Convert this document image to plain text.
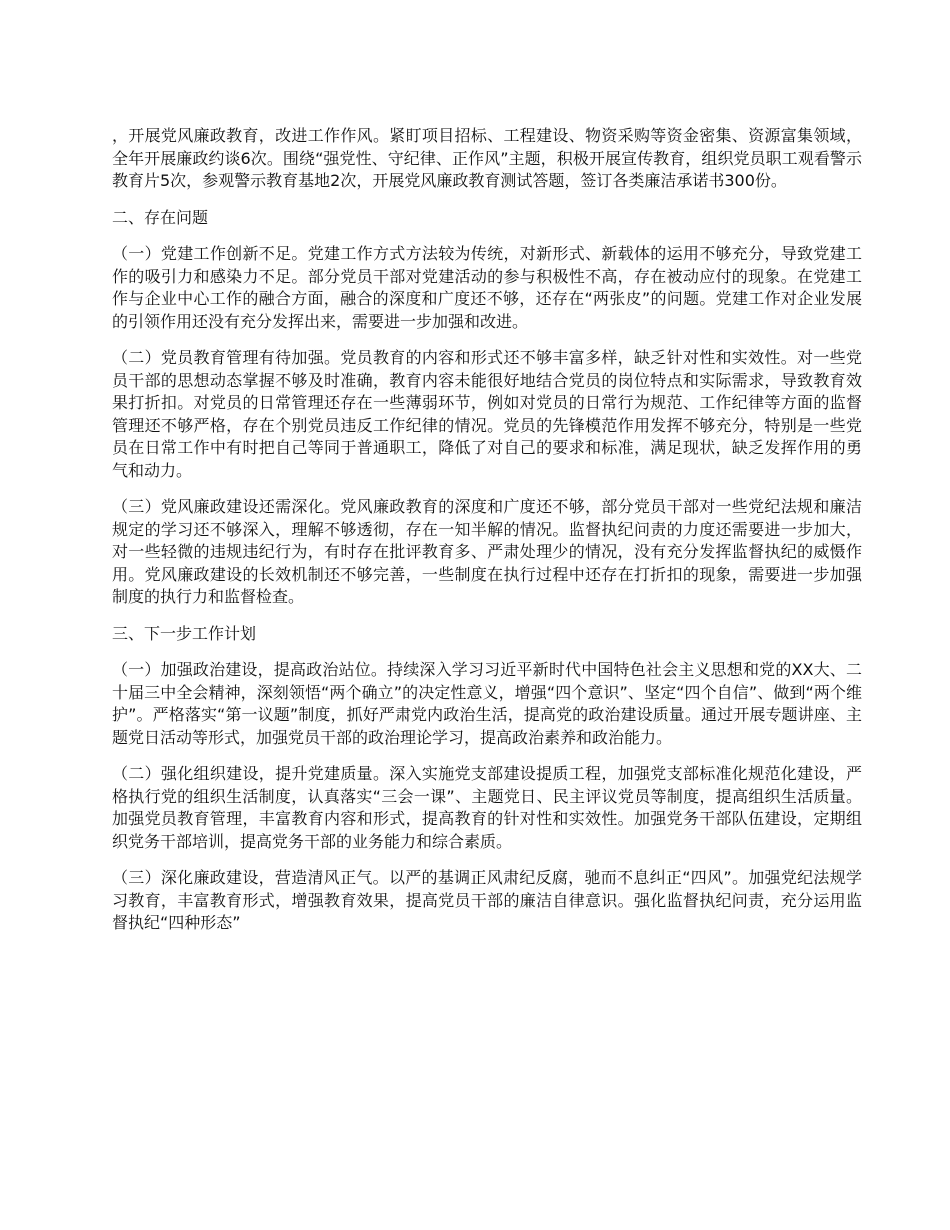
，开展党风廉政教育，改进工作作风。紧盯项目招标、工程建设、物资采购等资金密集、资源富集领域，全年开展廉政约谈6次。围绕“强党性、守纪律、正作风”主题，积极开展宣传教育，组织党员职工观看警示教育片5次，参观警示教育基地2次，开展党风廉政教育测试答题，签订各类廉洁承诺书300份。

二、存在问题

（一）党建工作创新不足。党建工作方式方法较为传统，对新形式、新载体的运用不够充分，导致党建工作的吸引力和感染力不足。部分党员干部对党建活动的参与积极性不高，存在被动应付的现象。在党建工作与企业中心工作的融合方面，融合的深度和广度还不够，还存在“两张皮”的问题。党建工作对企业发展的引领作用还没有充分发挥出来，需要进一步加强和改进。

（二）党员教育管理有待加强。党员教育的内容和形式还不够丰富多样，缺乏针对性和实效性。对一些党员干部的思想动态掌握不够及时准确，教育内容未能很好地结合党员的岗位特点和实际需求，导致教育效果打折扣。对党员的日常管理还存在一些薄弱环节，例如对党员的日常行为规范、工作纪律等方面的监督管理还不够严格，存在个别党员违反工作纪律的情况。党员的先锋模范作用发挥不够充分，特别是一些党员在日常工作中有时把自己等同于普通职工，降低了对自己的要求和标准，满足现状，缺乏发挥作用的勇气和动力。

（三）党风廉政建设还需深化。党风廉政教育的深度和广度还不够，部分党员干部对一些党纪法规和廉洁规定的学习还不够深入，理解不够透彻，存在一知半解的情况。监督执纪问责的力度还需要进一步加大，对一些轻微的违规违纪行为，有时存在批评教育多、严肃处理少的情况，没有充分发挥监督执纪的威慑作用。党风廉政建设的长效机制还不够完善，一些制度在执行过程中还存在打折扣的现象，需要进一步加强制度的执行力和监督检查。

三、下一步工作计划

（一）加强政治建设，提高政治站位。持续深入学习习近平新时代中国特色社会主义思想和党的XX大、二十届三中全会精神，深刻领悟“两个确立”的决定性意义，增强“四个意识”、坚定“四个自信”、做到“两个维护”。严格落实“第一议题”制度，抓好严肃党内政治生活，提高党的政治建设质量。通过开展专题讲座、主题党日活动等形式，加强党员干部的政治理论学习，提高政治素养和政治能力。

（二）强化组织建设，提升党建质量。深入实施党支部建设提质工程，加强党支部标准化规范化建设，严格执行党的组织生活制度，认真落实“三会一课”、主题党日、民主评议党员等制度，提高组织生活质量。加强党员教育管理，丰富教育内容和形式，提高教育的针对性和实效性。加强党务干部队伍建设，定期组织党务干部培训，提高党务干部的业务能力和综合素质。

（三）深化廉政建设，营造清风正气。以严的基调正风肃纪反腐，驰而不息纠正“四风”。加强党纪法规学习教育，丰富教育形式，增强教育效果，提高党员干部的廉洁自律意识。强化监督执纪问责，充分运用监督执纪“四种形态”
